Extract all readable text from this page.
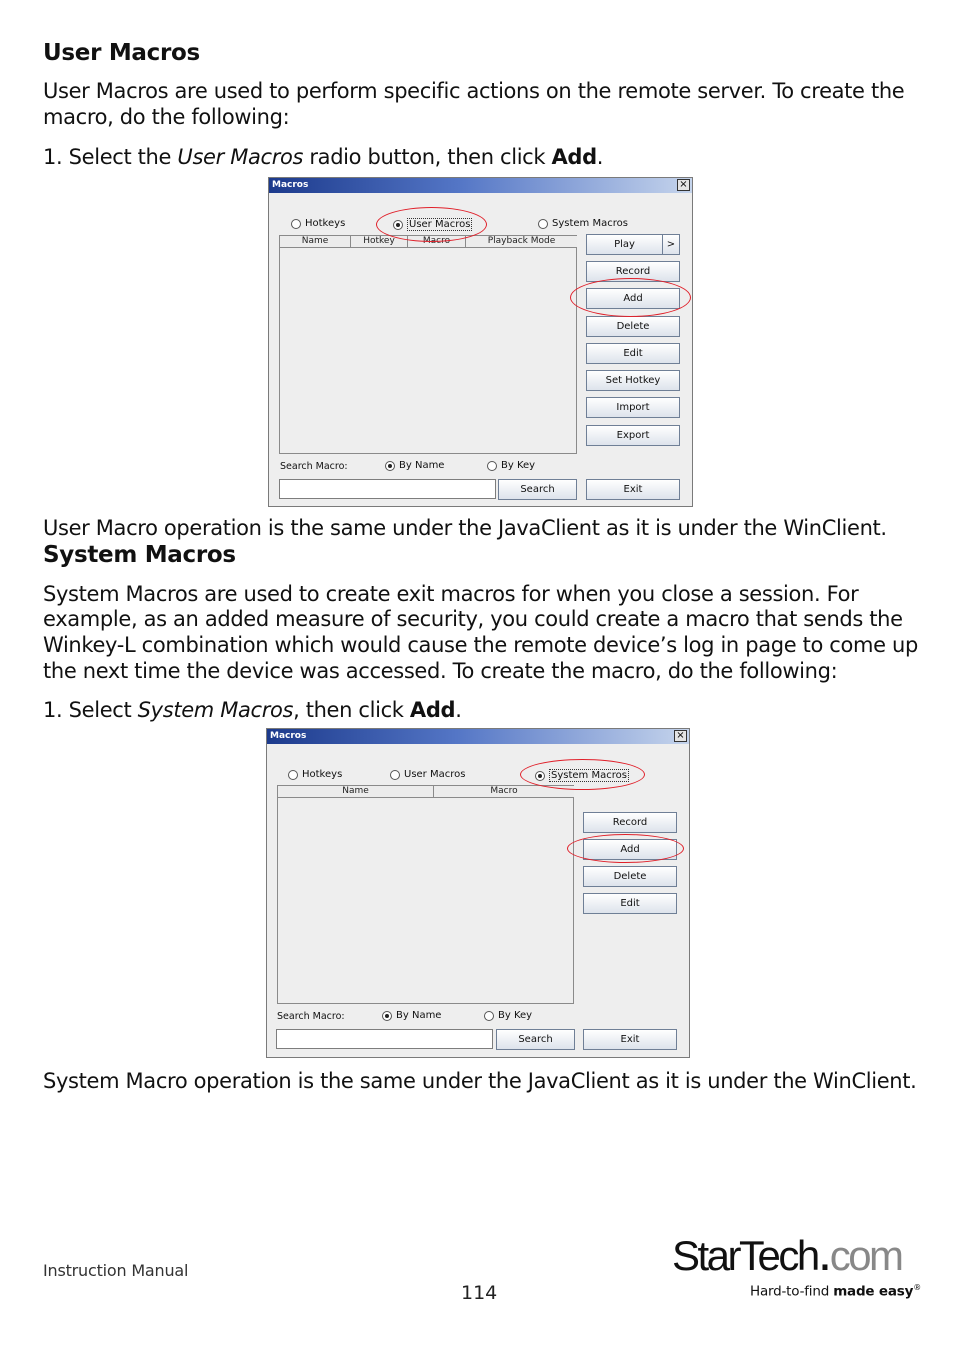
User Macros
User Macros are used to perform specific actions on the remote server. To create the
macro, do the following:
1. Select the User Macros radio button, then click Add.
Macros	×
Hotkeys	User Macros	System Macros
Name	Hotkey	Macro	Playback Mode	Play	>
Record
Add
Delete
Edit
Set Hotkey
Import
Export
Search Macro:	By Name	By Key
Search	Exit
User Macro operation is the same under the JavaClient as it is under the WinClient.
System Macros
System Macros are used to create exit macros for when you close a session. For
example, as an added measure of security, you could create a macro that sends the
Winkey-L combination which would cause the remote device’s log in page to come up
the next time the device was accessed. To create the macro, do the following:
1. Select System Macros, then click Add.
Macros	×
Hotkeys	User Macros	System Macros
Name	Macro
Record
Add
Delete
Edit
Search Macro:	By Name	By Key
Search	Exit
System Macro operation is the same under the JavaClient as it is under the WinClient.
Instruction Manual
114
StarTech.com
Hard-to-find made easy®
